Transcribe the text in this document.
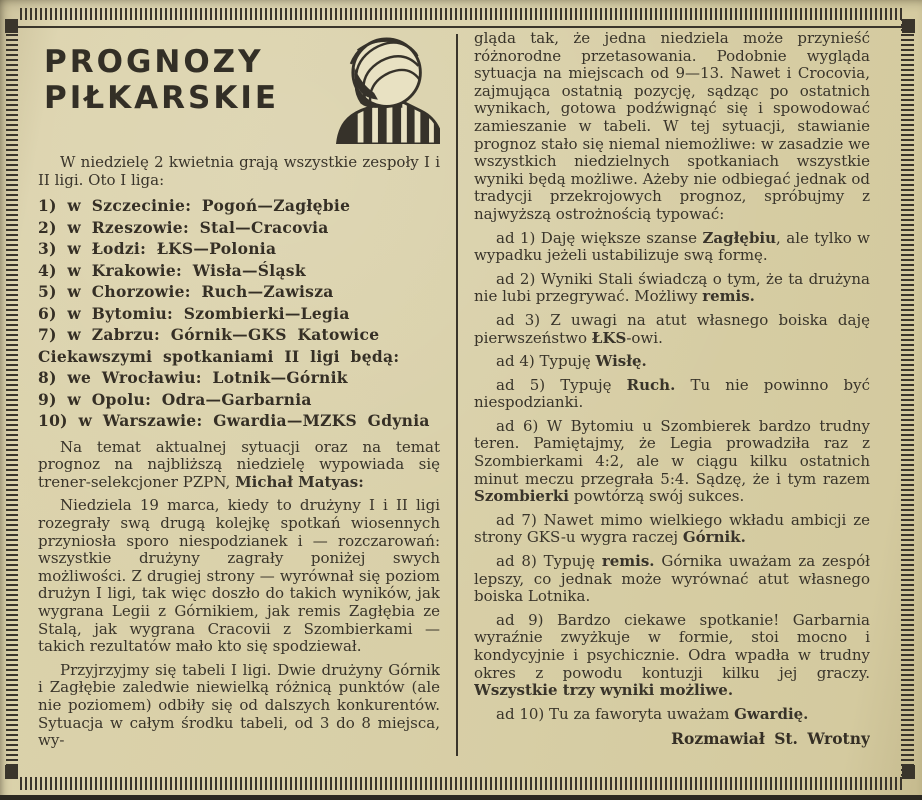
PROGNOZY
PIŁKARSKIE

W niedzielę 2 kwietnia grają wszystkie zespoły I i II ligi. Oto I liga:

1) w Szczecinie: Pogoń—Zagłębie
2) w Rzeszowie: Stal—Cracovia
3) w Łodzi: ŁKS—Polonia
4) w Krakowie: Wisła—Śląsk
5) w Chorzowie: Ruch—Zawisza
6) w Bytomiu: Szombierki—Legia
7) w Zabrzu: Górnik—GKS Katowice
Ciekawszymi spotkaniami II ligi będą:
8) we Wrocławiu: Lotnik—Górnik
9) w Opolu: Odra—Garbarnia
10) w Warszawie: Gwardia—MZKS Gdynia

Na temat aktualnej sytuacji oraz na temat prognoz na najbliższą niedzielę wypowiada się trener-selekcjoner PZPN, Michał Matyas:

Niedziela 19 marca, kiedy to drużyny I i II ligi rozegrały swą drugą kolejkę spotkań wiosennych przyniosła sporo niespodzianek i — rozczarowań: wszystkie drużyny zagrały poniżej swych możliwości. Z drugiej strony — wyrównał się poziom drużyn I ligi, tak więc doszło do takich wyników, jak wygrana Legii z Górnikiem, jak remis Zagłębia ze Stalą, jak wygrana Cracovii z Szombierkami — takich rezultatów mało kto się spodziewał.

Przyjrzyjmy się tabeli I ligi. Dwie drużyny Górnik i Zagłębie zaledwie niewielką różnicą punktów (ale nie poziomem) odbiły się od dalszych konkurentów. Sytuacja w całym środku tabeli, od 3 do 8 miejsca, wy-

gląda tak, że jedna niedziela może przynieść różnorodne przetasowania. Podobnie wygląda sytuacja na miejscach od 9—13. Nawet i Crocovia, zajmująca ostatnią pozycję, sądząc po ostatnich wynikach, gotowa podźwignąć się i spowodować zamieszanie w tabeli. W tej sytuacji, stawianie prognoz stało się niemal niemożliwe: w zasadzie we wszystkich niedzielnych spotkaniach wszystkie wyniki będą możliwe. Ażeby nie odbiegać jednak od tradycji przekrojowych prognoz, spróbujmy z najwyższą ostrożnością typować:

ad 1) Daję większe szanse Zagłębiu, ale tylko w wypadku jeżeli ustabilizuje swą formę.

ad 2) Wyniki Stali świadczą o tym, że ta drużyna nie lubi przegrywać. Możliwy remis.

ad 3) Z uwagi na atut własnego boiska daję pierwszeństwo ŁKS-owi.

ad 4) Typuję Wisłę.

ad 5) Typuję Ruch. Tu nie powinno być niespodzianki.

ad 6) W Bytomiu u Szombierek bardzo trudny teren. Pamiętajmy, że Legia prowadziła raz z Szombierkami 4:2, ale w ciągu kilku ostatnich minut meczu przegrała 5:4. Sądzę, że i tym razem Szombierki powtórzą swój sukces.

ad 7) Nawet mimo wielkiego wkładu ambicji ze strony GKS-u wygra raczej Górnik.

ad 8) Typuję remis. Górnika uważam za zespół lepszy, co jednak może wyrównać atut własnego boiska Lotnika.

ad 9) Bardzo ciekawe spotkanie! Garbarnia wyraźnie zwyżkuje w formie, stoi mocno i kondycyjnie i psychicznie. Odra wpadła w trudny okres z powodu kontuzji kilku jej graczy. Wszystkie trzy wyniki możliwe.

ad 10) Tu za faworyta uważam Gwardię.

Rozmawiał St. Wrotny
